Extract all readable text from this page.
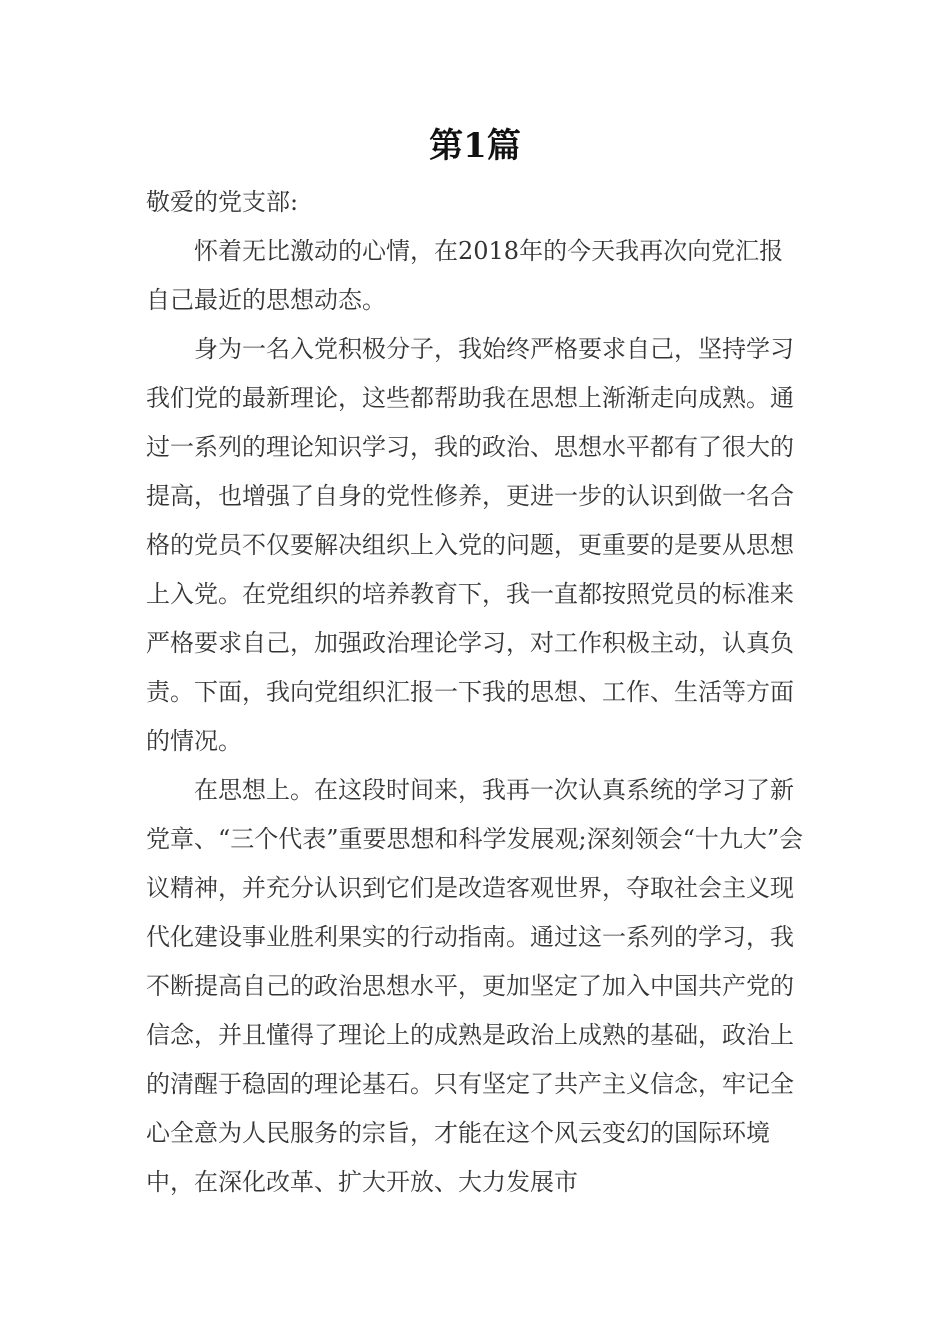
第1篇

敬爱的党支部:

怀着无比激动的心情，在2018年的今天我再次向党汇报自己最近的思想动态。

身为一名入党积极分子，我始终严格要求自己，坚持学习我们党的最新理论，这些都帮助我在思想上渐渐走向成熟。通过一系列的理论知识学习，我的政治、思想水平都有了很大的提高，也增强了自身的党性修养，更进一步的认识到做一名合格的党员不仅要解决组织上入党的问题，更重要的是要从思想上入党。在党组织的培养教育下，我一直都按照党员的标准来严格要求自己，加强政治理论学习，对工作积极主动，认真负责。下面，我向党组织汇报一下我的思想、工作、生活等方面的情况。

在思想上。在这段时间来，我再一次认真系统的学习了新党章、“三个代表”重要思想和科学发展观;深刻领会“十九大”会议精神，并充分认识到它们是改造客观世界，夺取社会主义现代化建设事业胜利果实的行动指南。通过这一系列的学习，我不断提高自己的政治思想水平，更加坚定了加入中国共产党的信念，并且懂得了理论上的成熟是政治上成熟的基础，政治上的清醒于稳固的理论基石。只有坚定了共产主义信念，牢记全心全意为人民服务的宗旨，才能在这个风云变幻的国际环境中，在深化改革、扩大开放、大力发展市
